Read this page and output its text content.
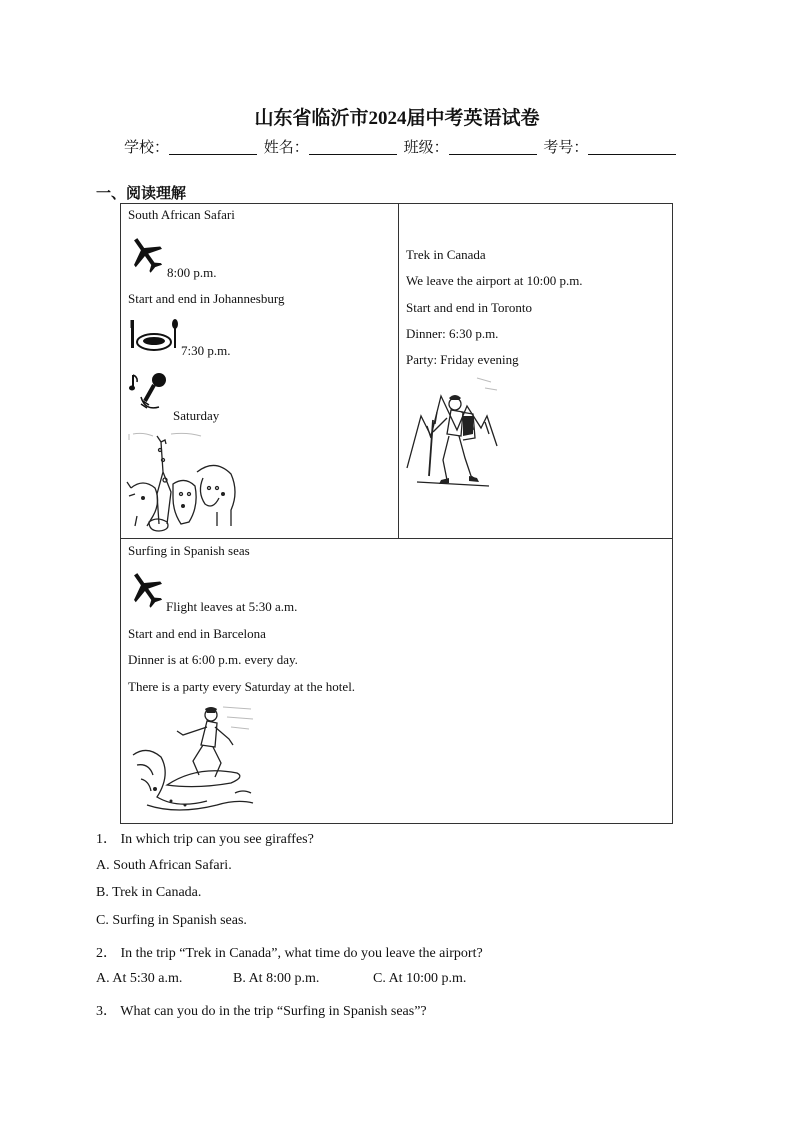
山东省临沂市2024届中考英语试卷
学校：	姓名：	班级：	考号：
一、阅读理解
South African Safari
8:00 p.m.
Start and end in Johannesburg
7:30 p.m.
Saturday
Trek in Canada
We leave the airport at 10:00 p.m.
Start and end in Toronto
Dinner: 6:30 p.m.
Party: Friday evening
Surfing in Spanish seas
Flight leaves at 5:30 a.m.
Start and end in Barcelona
Dinner is at 6:00 p.m. every day.
There is a party every Saturday at the hotel.
1． In which trip can you see giraffes?
A. South African Safari.
B. Trek in Canada.
C. Surfing in Spanish seas.
2． In the trip “Trek in Canada”, what time do you leave the airport?
A. At 5:30 a.m.	B. At 8:00 p.m.	C. At 10:00 p.m.
3． What can you do in the trip “Surfing in Spanish seas”?
